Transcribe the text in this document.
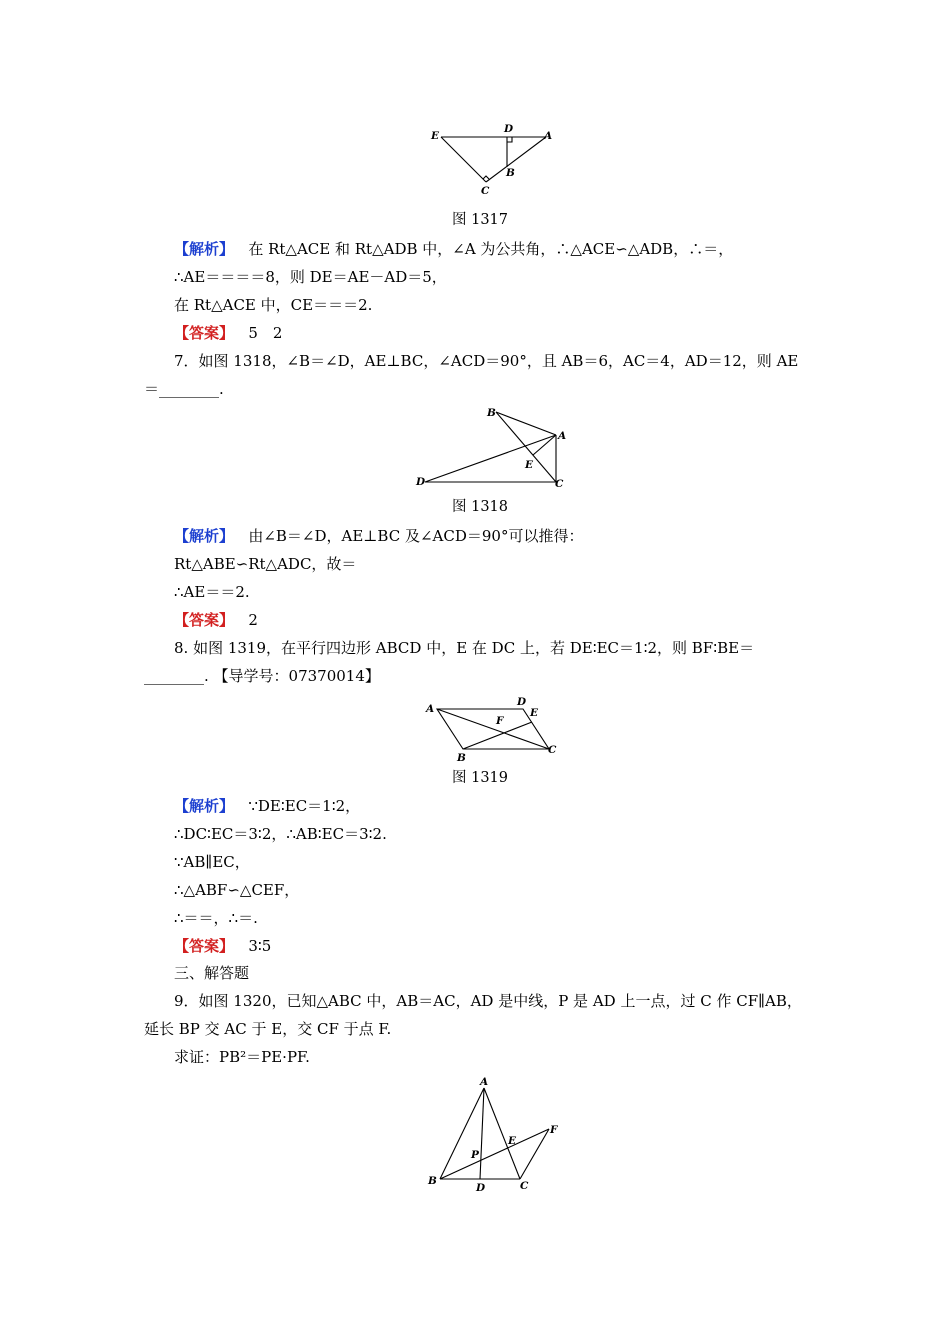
E
D
A
B
C
图 1317
【解析】 在 Rt△ACE 和 Rt△ADB 中，∠A 为公共角，∴△ACE∽△ADB，∴＝，
∴AE＝＝＝＝8，则 DE＝AE－AD＝5，
在 Rt△ACE 中，CE＝＝＝2.
【答案】 5　2
7．如图 1318，∠B＝∠D，AE⊥BC，∠ACD＝90°，且 AB＝6，AC＝4，AD＝12，则 AE
＝________.
B
A
E
D	C
图 1318
【解析】 由∠B＝∠D，AE⊥BC 及∠ACD＝90°可以推得：
Rt△ABE∽Rt△ADC，故＝
∴AE＝＝2.
【答案】 2
8. 如图 1319，在平行四边形 ABCD 中，E 在 DC 上，若 DE∶EC＝1∶2，则 BF∶BE＝
________. 【导学号：07370014】
A
D
E
F
B
C
图 1319
【解析】 ∵DE∶EC＝1∶2，
∴DC∶EC＝3∶2，∴AB∶EC＝3∶2.
∵AB∥EC，
∴△ABF∽△CEF，
∴＝＝，∴＝.
【答案】 3∶5
三、解答题
9．如图 1320，已知△ABC 中，AB＝AC，AD 是中线，P 是 AD 上一点，过 C 作 CF∥AB，
延长 BP 交 AC 于 E，交 CF 于点 F.
求证：PB²＝PE·PF.
A
F
E
P
B
D	C
